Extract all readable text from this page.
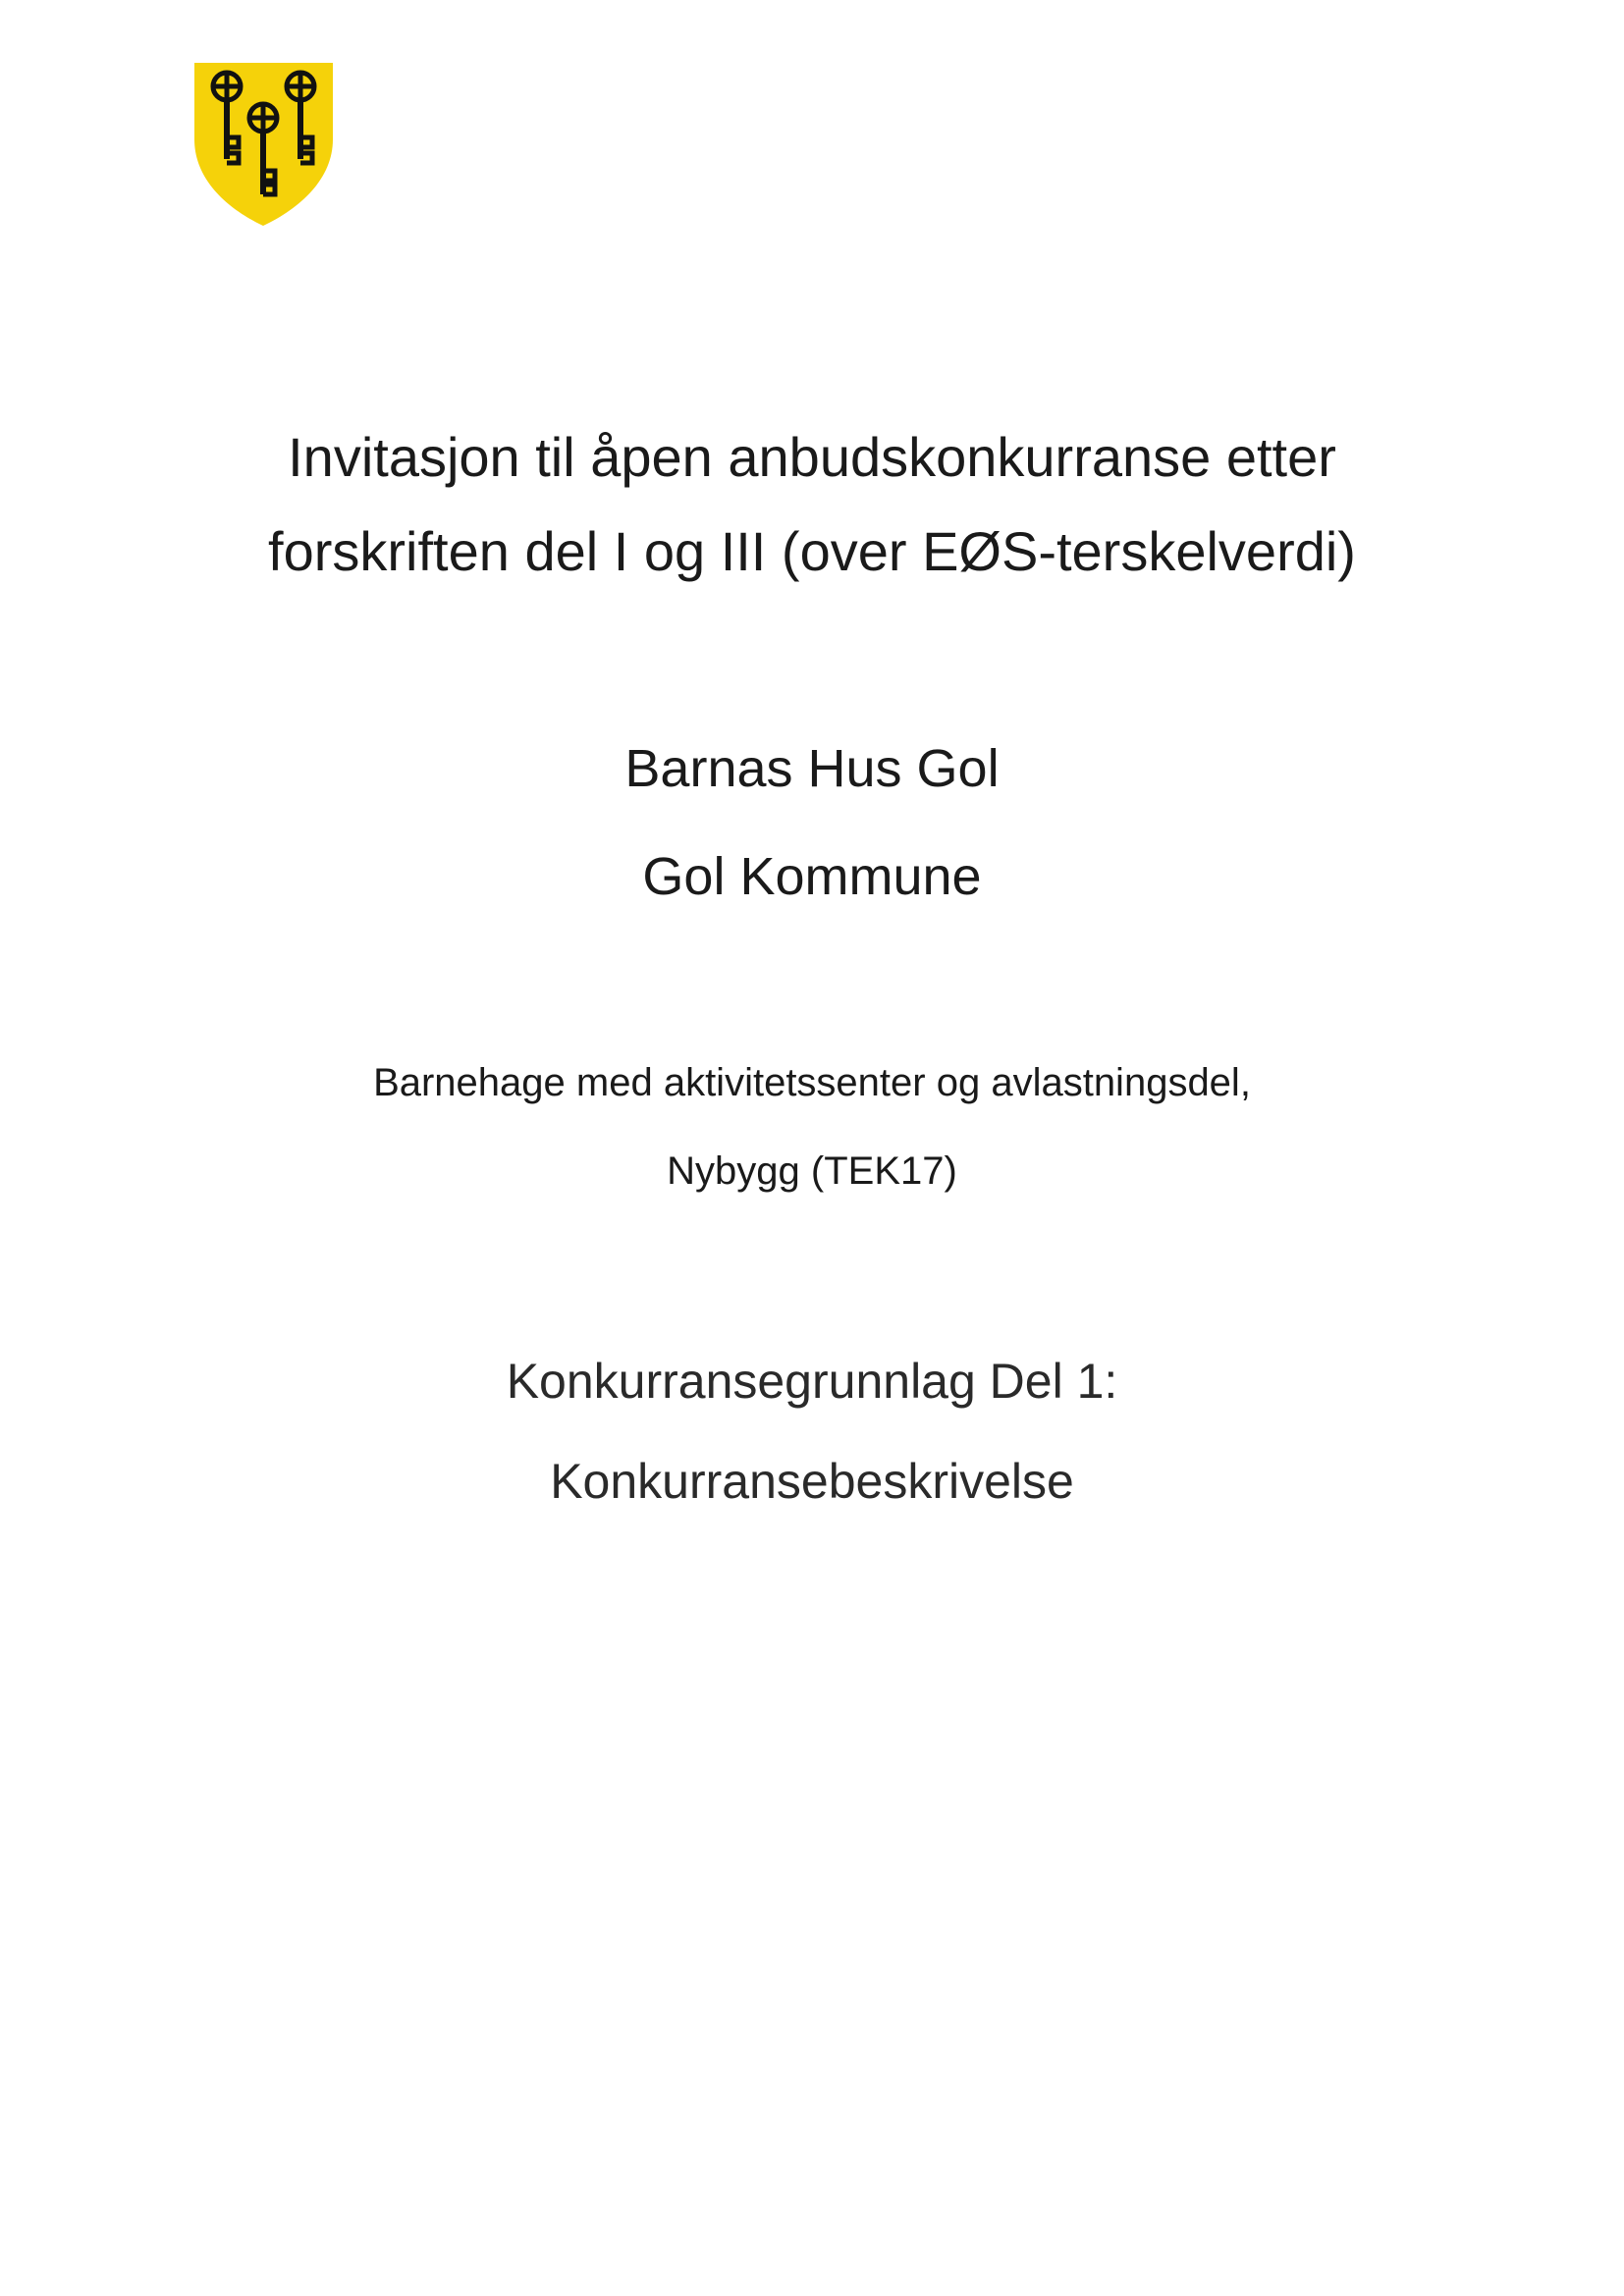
Invitasjon til åpen anbudskonkurranse etter
forskriften del I og III (over EØS-terskelverdi)
Barnas Hus Gol
Gol Kommune
Barnehage med aktivitetssenter og avlastningsdel,
Nybygg (TEK17)
Konkurransegrunnlag Del 1:
Konkurransebeskrivelse
